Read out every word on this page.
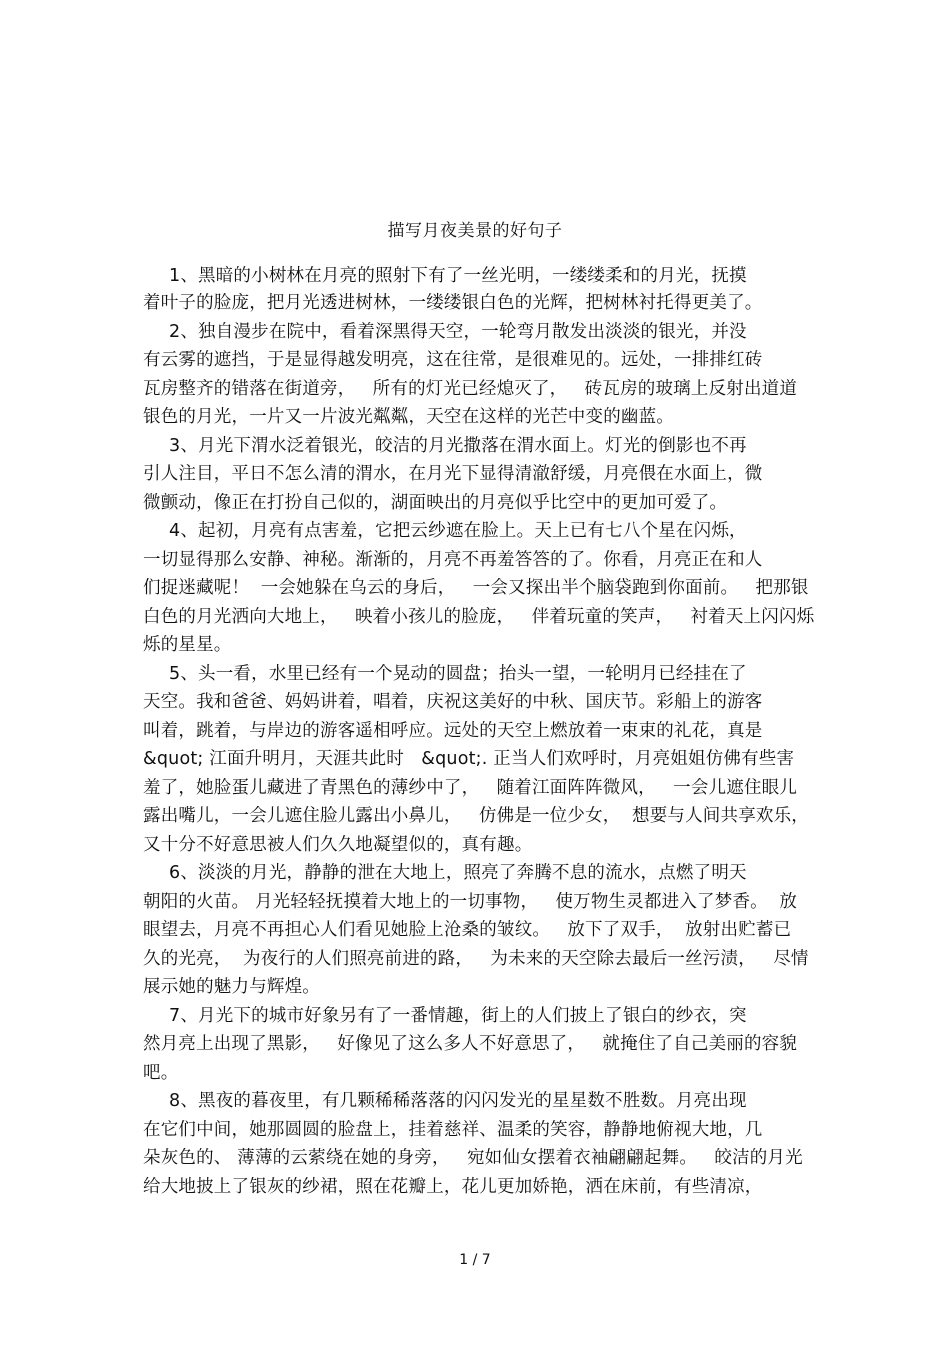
描写月夜美景的好句子
1、黑暗的小树林在月亮的照射下有了一丝光明，一缕缕柔和的月光，抚摸
着叶子的脸庞，把月光透进树林，一缕缕银白色的光辉，把树林衬托得更美了。
2、独自漫步在院中，看着深黑得天空，一轮弯月散发出淡淡的银光，并没
有云雾的遮挡，于是显得越发明亮，这在往常，是很难见的。远处，一排排红砖
瓦房整齐的错落在街道旁，   所有的灯光已经熄灭了，   砖瓦房的玻璃上反射出道道
银色的月光，一片又一片波光粼粼，天空在这样的光芒中变的幽蓝。
3、月光下渭水泛着银光，皎洁的月光撒落在渭水面上。灯光的倒影也不再
引人注目，平日不怎么清的渭水，在月光下显得清澈舒缓，月亮偎在水面上，微
微颤动，像正在打扮自己似的，湖面映出的月亮似乎比空中的更加可爱了。
4、起初，月亮有点害羞，它把云纱遮在脸上。天上已有七八个星在闪烁，
一切显得那么安静、神秘。渐渐的，月亮不再羞答答的了。你看，月亮正在和人
们捉迷藏呢！  一会她躲在乌云的身后，   一会又探出半个脑袋跑到你面前。   把那银
白色的月光洒向大地上，   映着小孩儿的脸庞，   伴着玩童的笑声，   衬着天上闪闪烁
烁的星星。
5、头一看，水里已经有一个晃动的圆盘；抬头一望，一轮明月已经挂在了
天空。我和爸爸、妈妈讲着，唱着，庆祝这美好的中秋、国庆节。彩船上的游客
叫着，跳着，与岸边的游客遥相呼应。远处的天空上燃放着一束束的礼花，真是
&quot; 江面升明月，天涯共此时   &quot;. 正当人们欢呼时，月亮姐姐仿佛有些害
羞了，她脸蛋儿藏进了青黑色的薄纱中了，   随着江面阵阵微风，   一会儿遮住眼儿
露出嘴儿，一会儿遮住脸儿露出小鼻儿，   仿佛是一位少女，  想要与人间共享欢乐，
又十分不好意思被人们久久地凝望似的，真有趣。
6、淡淡的月光，静静的泄在大地上，照亮了奔腾不息的流水，点燃了明天
朝阳的火苗。 月光轻轻抚摸着大地上的一切事物，   使万物生灵都进入了梦香。  放
眼望去，月亮不再担心人们看见她脸上沧桑的皱纹。   放下了双手，  放射出贮蓄已
久的光亮，  为夜行的人们照亮前进的路，   为未来的天空除去最后一丝污渍，   尽情
展示她的魅力与辉煌。
7、月光下的城市好象另有了一番情趣，街上的人们披上了银白的纱衣，突
然月亮上出现了黑影，   好像见了这么多人不好意思了，   就掩住了自己美丽的容貌
吧。
8、黑夜的暮夜里，有几颗稀稀落落的闪闪发光的星星数不胜数。月亮出现
在它们中间，她那圆圆的脸盘上，挂着慈祥、温柔的笑容，静静地俯视大地，几
朵灰色的、 薄薄的云萦绕在她的身旁，   宛如仙女摆着衣袖翩翩起舞。   皎洁的月光
给大地披上了银灰的纱裙，照在花瓣上，花儿更加娇艳，洒在床前，有些清凉，
1 / 7
